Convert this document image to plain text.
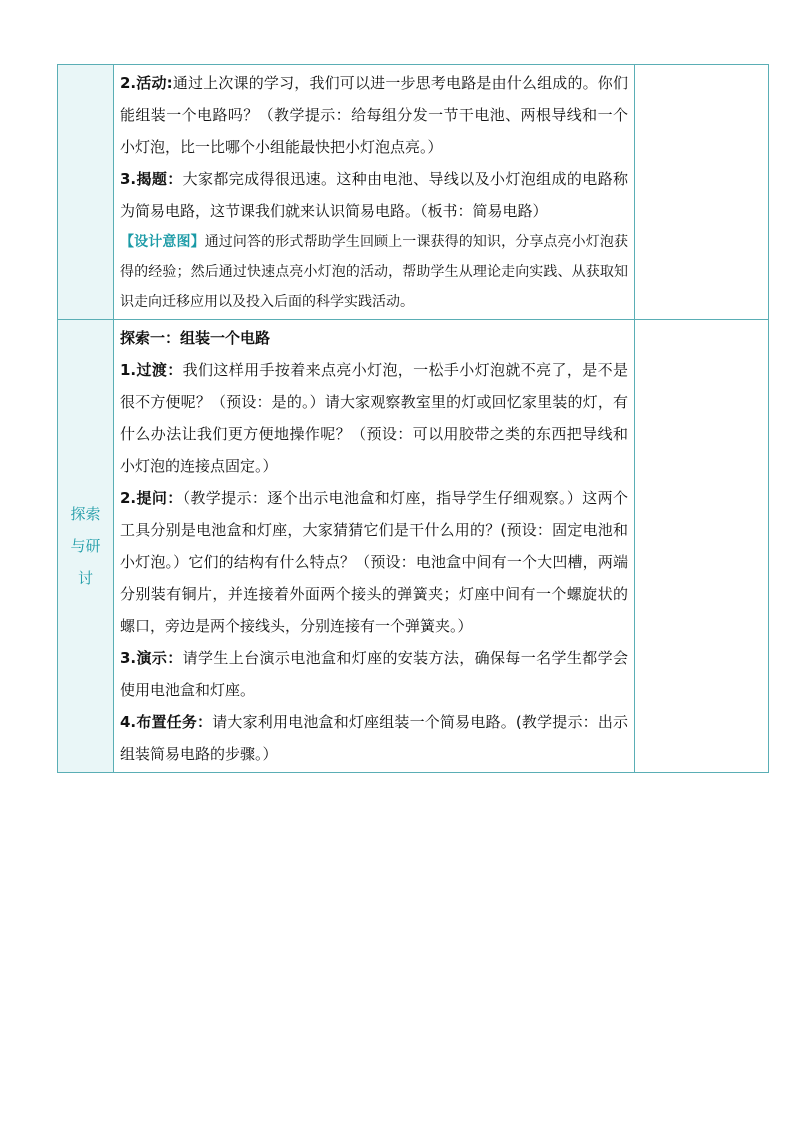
	2.活动:通过上次课的学习，我们可以进一步思考电路是由什么组成的。你们能组装一个电路吗？（教学提示：给每组分发一节干电池、两根导线和一个小灯泡，比一比哪个小组能最快把小灯泡点亮。）

3.揭题：大家都完成得很迅速。这种由电池、导线以及小灯泡组成的电路称为简易电路，这节课我们就来认识简易电路。（板书：简易电路）

【设计意图】通过问答的形式帮助学生回顾上一课获得的知识，分享点亮小灯泡获得的经验；然后通过快速点亮小灯泡的活动，帮助学生从理论走向实践、从获取知识走向迁移应用以及投入后面的科学实践活动。	

探索与研讨	探索一：组装一个电路

1.过渡：我们这样用手按着来点亮小灯泡，一松手小灯泡就不亮了，是不是很不方便呢？（预设：是的。）请大家观察教室里的灯或回忆家里装的灯，有什么办法让我们更方便地操作呢？（预设：可以用胶带之类的东西把导线和小灯泡的连接点固定。）

2.提问：（教学提示：逐个出示电池盒和灯座，指导学生仔细观察。）这两个工具分别是电池盒和灯座，大家猜猜它们是干什么用的？(预设：固定电池和小灯泡。）它们的结构有什么特点？（预设：电池盒中间有一个大凹槽，两端分别装有铜片，并连接着外面两个接头的弹簧夹；灯座中间有一个螺旋状的螺口，旁边是两个接线头，分别连接有一个弹簧夹。）

3.演示：请学生上台演示电池盒和灯座的安装方法，确保每一名学生都学会使用电池盒和灯座。

4.布置任务：请大家利用电池盒和灯座组装一个简易电路。(教学提示：出示组装简易电路的步骤。）	
